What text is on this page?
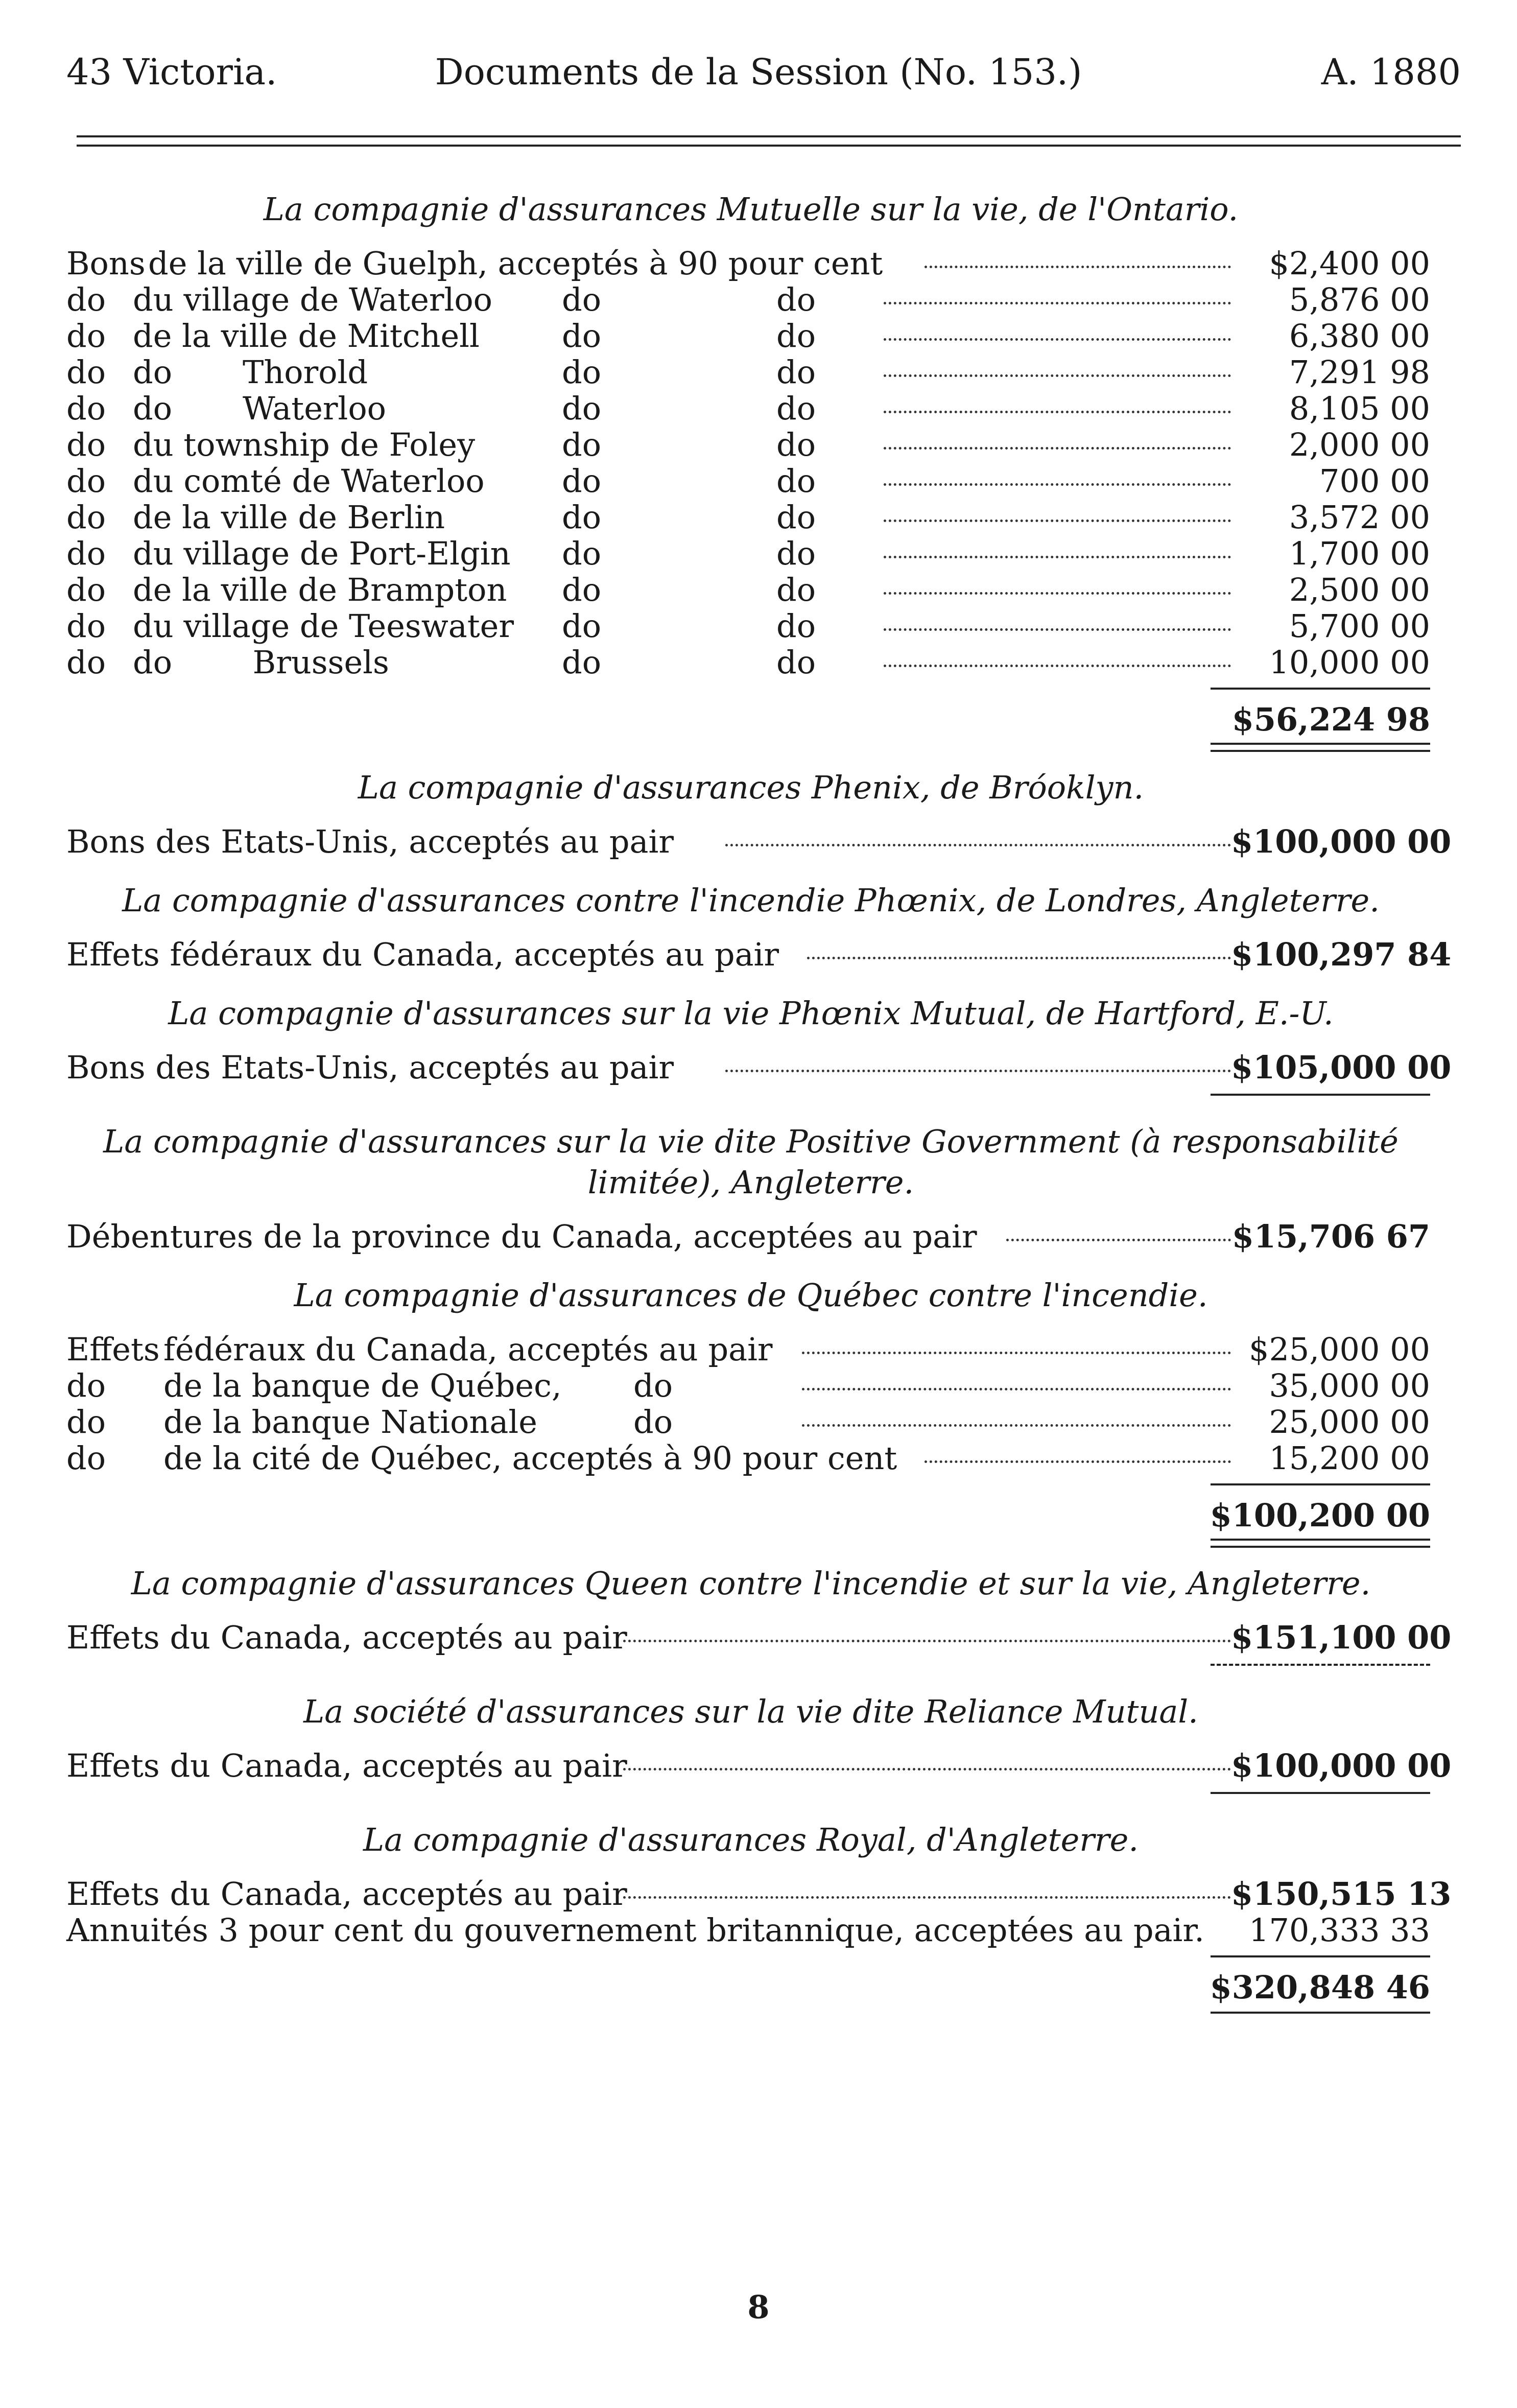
43 Victoria.	Documents de la Session (No. 153.)	A. 1880
La compagnie d'assurances Mutuelle sur la vie, de l'Ontario.
Bons de la ville de Guelph, acceptés à 90 pour cent	$2,400 00
do du village de Waterloo do	do	5,876 00
do de la ville de Mitchell	do	do	6,380 00
do do       Thorold	do	do	7,291 98
do do       Waterloo	do	do	8,105 00
do du township de Foley	do	do	2,000 00
do du comté de Waterloo do	do	700 00
do de la ville de Berlin	do	do	3,572 00
do du village de Port-Elgin do	do	1,700 00
do de la ville de Brampton do	do	2,500 00
do du village de Teeswater do	do	5,700 00
do do        Brussels	do	do	10,000 00
$56,224 98
La compagnie d'assurances Phenix, de Bróoklyn.
Bons des Etats-Unis, acceptés au pair	$100,000 00
La compagnie d'assurances contre l'incendie Phœnix, de Londres, Angleterre.
Effets fédéraux du Canada, acceptés au pair	$100,297 84
La compagnie d'assurances sur la vie Phœnix Mutual, de Hartford, E.-U.
Bons des Etats-Unis, acceptés au pair	$105,000 00
La compagnie d'assurances sur la vie dite Positive Government (à responsabilité limitée), Angleterre.
Débentures de la province du Canada, acceptées au pair	$15,706 67
La compagnie d'assurances de Québec contre l'incendie.
Effets fédéraux du Canada, acceptés au pair	$25,000 00
do de la banque de Québec, do	35,000 00
do de la banque Nationale	do	25,000 00
do de la cité de Québec, acceptés à 90 pour cent	15,200 00
$100,200 00
La compagnie d'assurances Queen contre l'incendie et sur la vie, Angleterre.
Effets du Canada, acceptés au pair	$151,100 00
La société d'assurances sur la vie dite Reliance Mutual.
Effets du Canada, acceptés au pair	$100,000 00
La compagnie d'assurances Royal, d'Angleterre.
Effets du Canada, acceptés au pair	$150,515 13
Annuités 3 pour cent du gouvernement britannique, acceptées au pair.	170,333 33
$320,848 46
8
